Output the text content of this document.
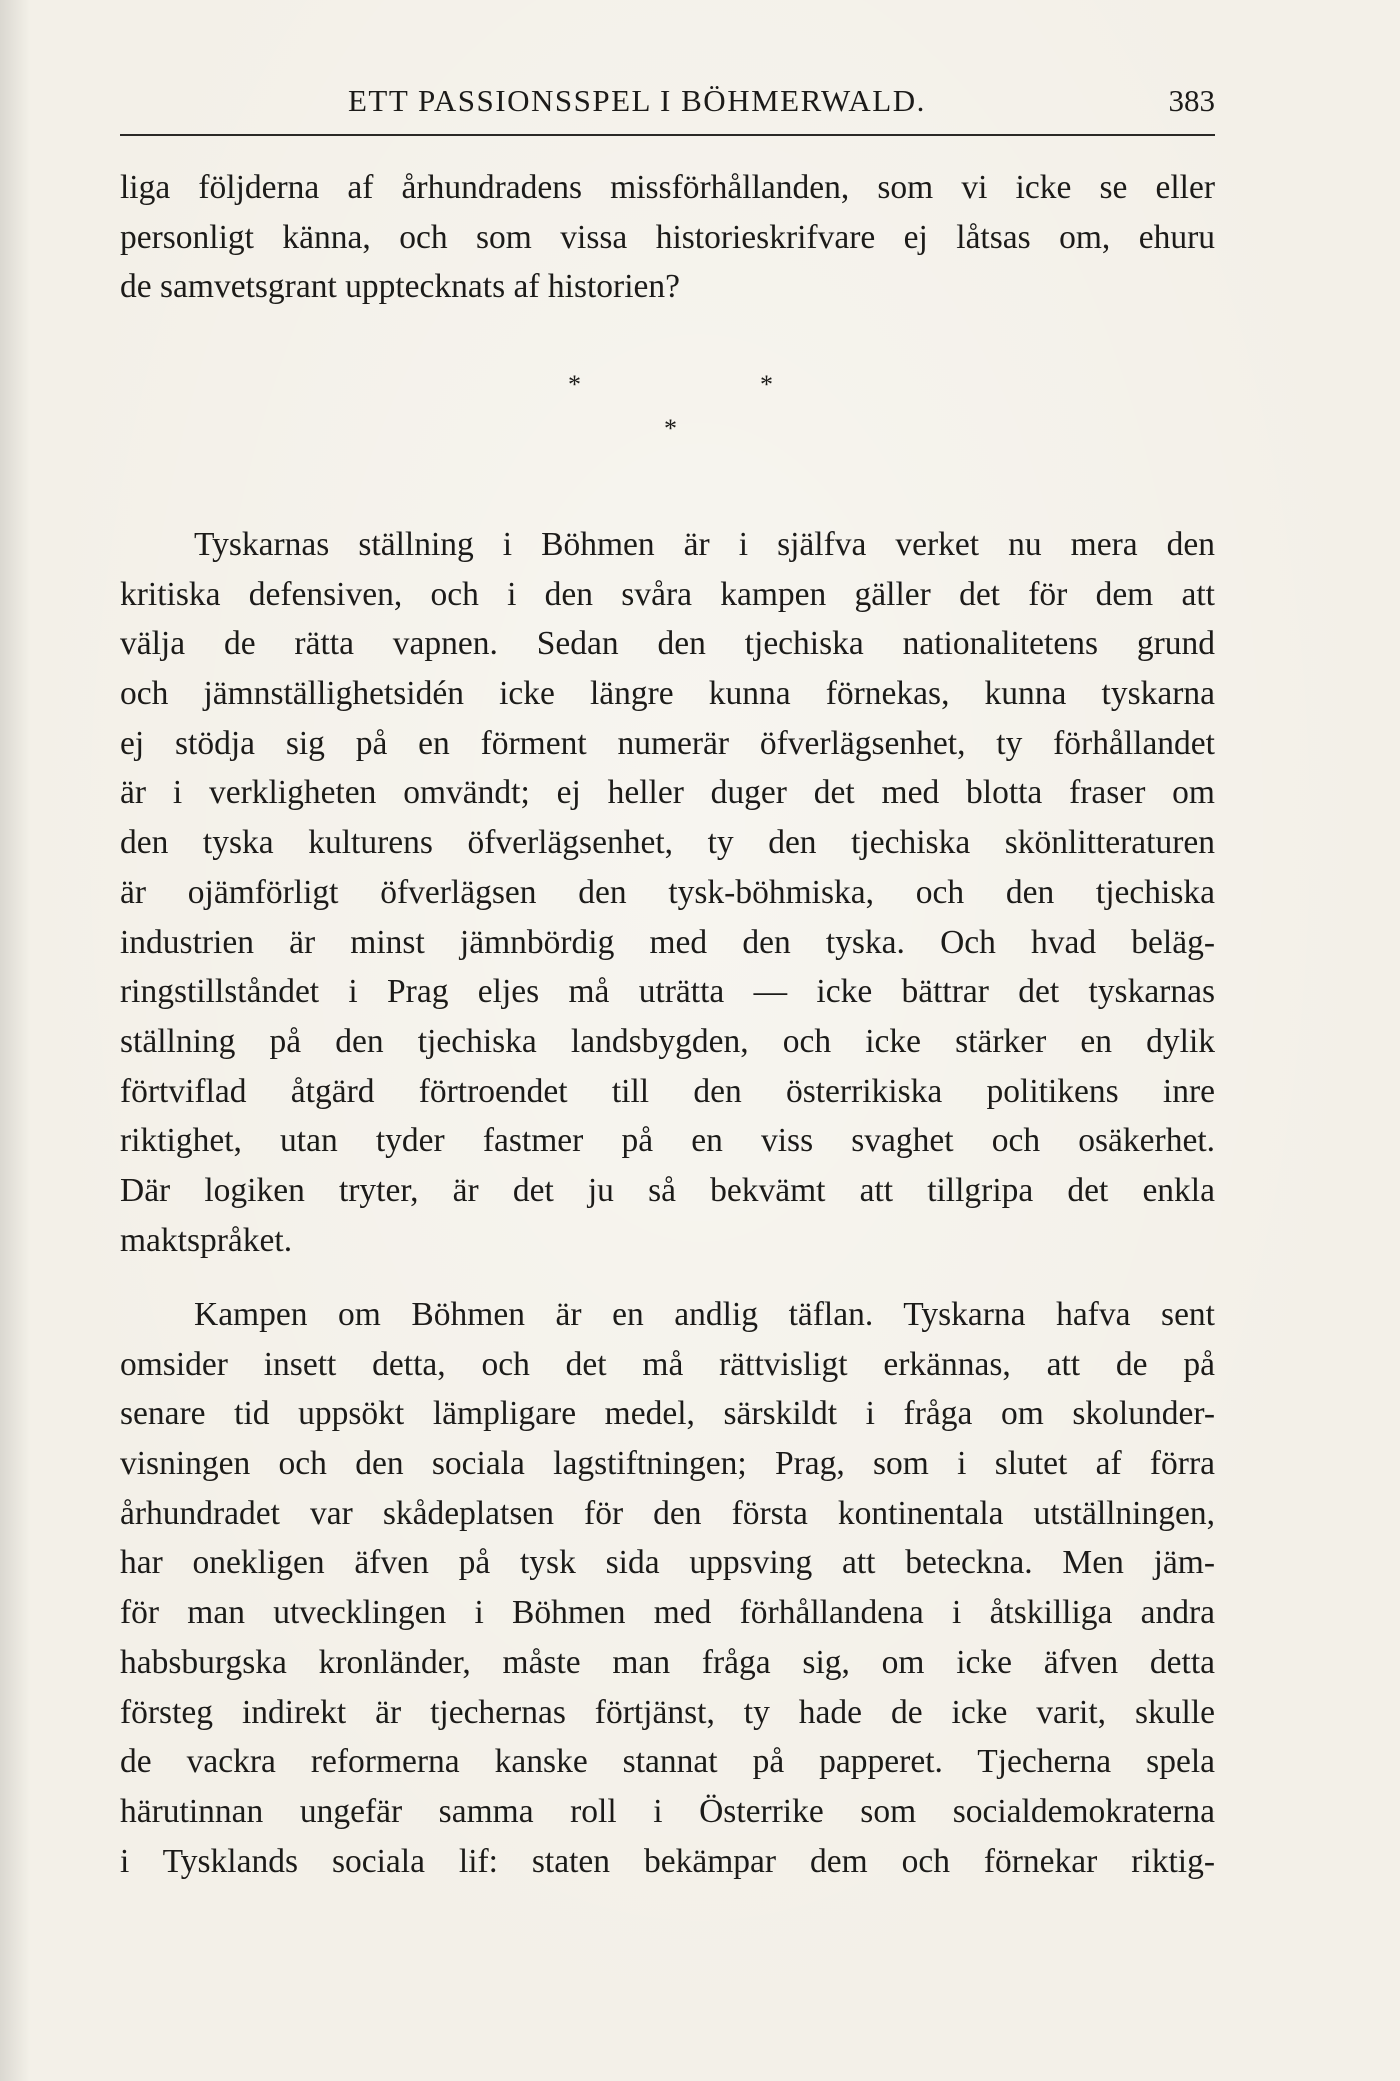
ETT PASSIONSSPEL I BÖHMERWALD.	383
liga följderna af århundradens missförhållanden, som vi icke se eller
personligt känna, och som vissa historieskrifvare ej låtsas om, ehuru
de samvetsgrant upptecknats af historien?
*	*
*
Tyskarnas ställning i Böhmen är i själfva verket nu mera den
kritiska defensiven, och i den svåra kampen gäller det för dem att
välja de rätta vapnen. Sedan den tjechiska nationalitetens grund
och jämnställighetsidén icke längre kunna förnekas, kunna tyskarna
ej stödja sig på en förment numerär öfverlägsenhet, ty förhållandet
är i verkligheten omvändt; ej heller duger det med blotta fraser om
den tyska kulturens öfverlägsenhet, ty den tjechiska skönlitteraturen
är ojämförligt öfverlägsen den tysk-böhmiska, och den tjechiska
industrien är minst jämnbördig med den tyska. Och hvad beläg-
ringstillståndet i Prag eljes må uträtta — icke bättrar det tyskarnas
ställning på den tjechiska landsbygden, och icke stärker en dylik
förtviflad åtgärd förtroendet till den österrikiska politikens inre
riktighet, utan tyder fastmer på en viss svaghet och osäkerhet.
Där logiken tryter, är det ju så bekvämt att tillgripa det enkla
maktspråket.
Kampen om Böhmen är en andlig täflan. Tyskarna hafva sent
omsider insett detta, och det må rättvisligt erkännas, att de på
senare tid uppsökt lämpligare medel, särskildt i fråga om skolunder-
visningen och den sociala lagstiftningen; Prag, som i slutet af förra
århundradet var skådeplatsen för den första kontinentala utställningen,
har onekligen äfven på tysk sida uppsving att beteckna. Men jäm-
för man utvecklingen i Böhmen med förhållandena i åtskilliga andra
habsburgska kronländer, måste man fråga sig, om icke äfven detta
försteg indirekt är tjechernas förtjänst, ty hade de icke varit, skulle
de vackra reformerna kanske stannat på papperet. Tjecherna spela
härutinnan ungefär samma roll i Österrike som socialdemokraterna
i Tysklands sociala lif: staten bekämpar dem och förnekar riktig-
